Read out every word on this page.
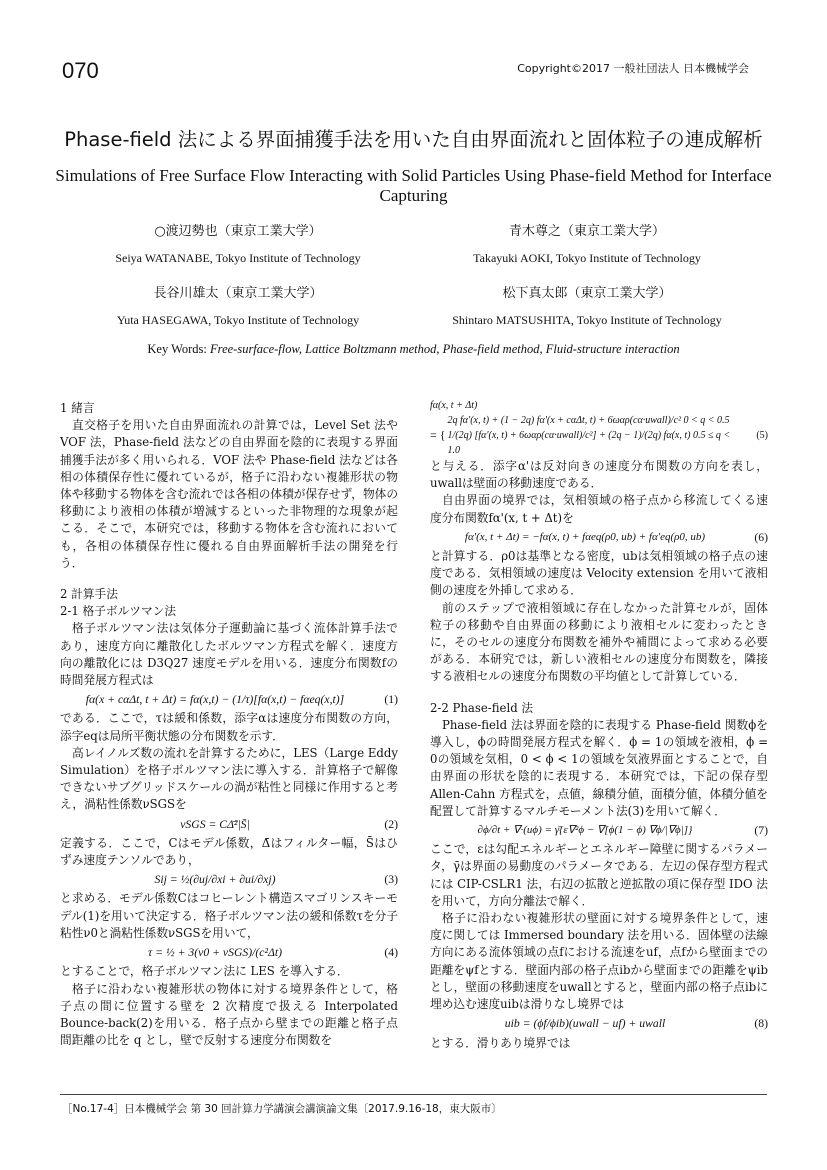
070	Copyright©2017 一般社団法人 日本機械学会
Phase-field 法による界面捕獲手法を用いた自由界面流れと固体粒子の連成解析
Simulations of Free Surface Flow Interacting with Solid Particles Using Phase-field Method for Interface Capturing
○渡辺勢也（東京工業大学）	青木尊之（東京工業大学）
Seiya WATANABE, Tokyo Institute of Technology	Takayuki AOKI, Tokyo Institute of Technology
長谷川雄太（東京工業大学）	松下真太郎（東京工業大学）
Yuta HASEGAWA, Tokyo Institute of Technology	Shintaro MATSUSHITA, Tokyo Institute of Technology
Key Words: Free-surface-flow, Lattice Boltzmann method, Phase-field method, Fluid-structure interaction

1 緒言

直交格子を用いた自由界面流れの計算では，Level Set 法や VOF 法，Phase-field 法などの自由界面を陰的に表現する界面捕獲手法が多く用いられる．VOF 法や Phase-field 法などは各相の体積保存性に優れているが，格子に沿わない複雑形状の物体や移動する物体を含む流れでは各相の体積が保存せず，物体の移動により液相の体積が増減するといった非物理的な現象が起こる．そこで，本研究では，移動する物体を含む流れにおいても，各相の体積保存性に優れる自由界面解析手法の開発を行う．

2 計算手法

2-1 格子ボルツマン法

格子ボルツマン法は気体分子運動論に基づく流体計算手法であり，速度方向に離散化したボルツマン方程式を解く．速度方向の離散化には D3Q27 速度モデルを用いる．速度分布関数fの時間発展方程式は

fα(x + cαΔt, t + Δt) = fα(x,t) − (1/τ)[fα(x,t) − fαeq(x,t)]	(1)

である．ここで，τは緩和係数，添字αは速度分布関数の方向，添字eqは局所平衡状態の分布関数を示す．

高レイノルズ数の流れを計算するために，LES（Large Eddy Simulation）を格子ボルツマン法に導入する．計算格子で解像できないサブグリッドスケールの渦が粘性と同様に作用すると考え，渦粘性係数νSGSを

νSGS = CΔ̄²|S̄|	(2)

定義する．ここで，Cはモデル係数，Δ̄はフィルター幅，S̄はひずみ速度テンソルであり，

Sij = ½(∂uj/∂xi + ∂ui/∂xj)	(3)

と求める．モデル係数Cはコヒーレント構造スマゴリンスキーモデル(1)を用いて決定する．格子ボルツマン法の緩和係数τを分子粘性ν0と渦粘性係数νSGSを用いて，

τ = ½ + 3(ν0 + νSGS)/(c²Δt)	(4)

とすることで，格子ボルツマン法に LES を導入する．

格子に沿わない複雑形状の物体に対する境界条件として，格子点の間に位置する壁を 2 次精度で扱える Interpolated Bounce-back(2)を用いる．格子点から壁までの距離と格子点間距離の比を q とし，壁で反射する速度分布関数を

fα(x, t + Δt)
= {
2q fα'(x, t) + (1 − 2q) fα'(x + cαΔt, t) + 6ωαρ(cα·uwall)/c² 0 < q < 0.5
1/(2q) [fα'(x, t) + 6ωαρ(cα·uwall)/c²] + (2q − 1)/(2q) fα(x, t) 0.5 ≤ q < 1.0
(5)

と与える．添字α'は反対向きの速度分布関数の方向を表し，uwallは壁面の移動速度である．

自由界面の境界では，気相領域の格子点から移流してくる速度分布関数fα'(x, t + Δt)を

fα'(x, t + Δt) = −fα(x, t) + fαeq(ρ0, ub) + fα'eq(ρ0, ub)	(6)

と計算する．ρ0は基準となる密度，ubは気相領域の格子点の速度である．気相領域の速度は Velocity extension を用いて液相側の速度を外挿して求める．

前のステップで液相領域に存在しなかった計算セルが，固体粒子の移動や自由界面の移動により液相セルに変わったときに，そのセルの速度分布関数を補外や補間によって求める必要がある．本研究では，新しい液相セルの速度分布関数を，隣接する液相セルの速度分布関数の平均値として計算している．

2-2 Phase-field 法

Phase-field 法は界面を陰的に表現する Phase-field 関数ϕを導入し，ϕの時間発展方程式を解く．ϕ = 1の領域を液相，ϕ = 0の領域を気相，0 < ϕ < 1の領域を気液界面とすることで，自由界面の形状を陰的に表現する．本研究では，下記の保存型 Allen-Cahn 方程式を，点値，線積分値，面積分値，体積分値を配置して計算するマルチモーメント法(3)を用いて解く．

∂ϕ/∂t + ∇·(uϕ) = γ̄{ε∇²ϕ − ∇[ϕ(1 − ϕ) ∇ϕ/|∇ϕ|]}	(7)

ここで，εは勾配エネルギーとエネルギー障壁に関するパラメータ，γ̄は界面の易動度のパラメータである．左辺の保存型方程式には CIP-CSLR1 法，右辺の拡散と逆拡散の項に保存型 IDO 法を用いて，方向分離法で解く．

格子に沿わない複雑形状の壁面に対する境界条件として，速度に関しては Immersed boundary 法を用いる．固体壁の法線方向にある流体領域の点fにおける流速をuf，点fから壁面までの距離をψfとする．壁面内部の格子点ibから壁面までの距離をψibとし，壁面の移動速度をuwallとすると，壁面内部の格子点ibに埋め込む速度uibは滑りなし境界では

uib = (ϕf/ϕib)(uwall − uf) + uwall	(8)

とする．滑りあり境界では

［No.17-4］日本機械学会 第 30 回計算力学講演会講演論文集〔2017.9.16-18，東大阪市〕
